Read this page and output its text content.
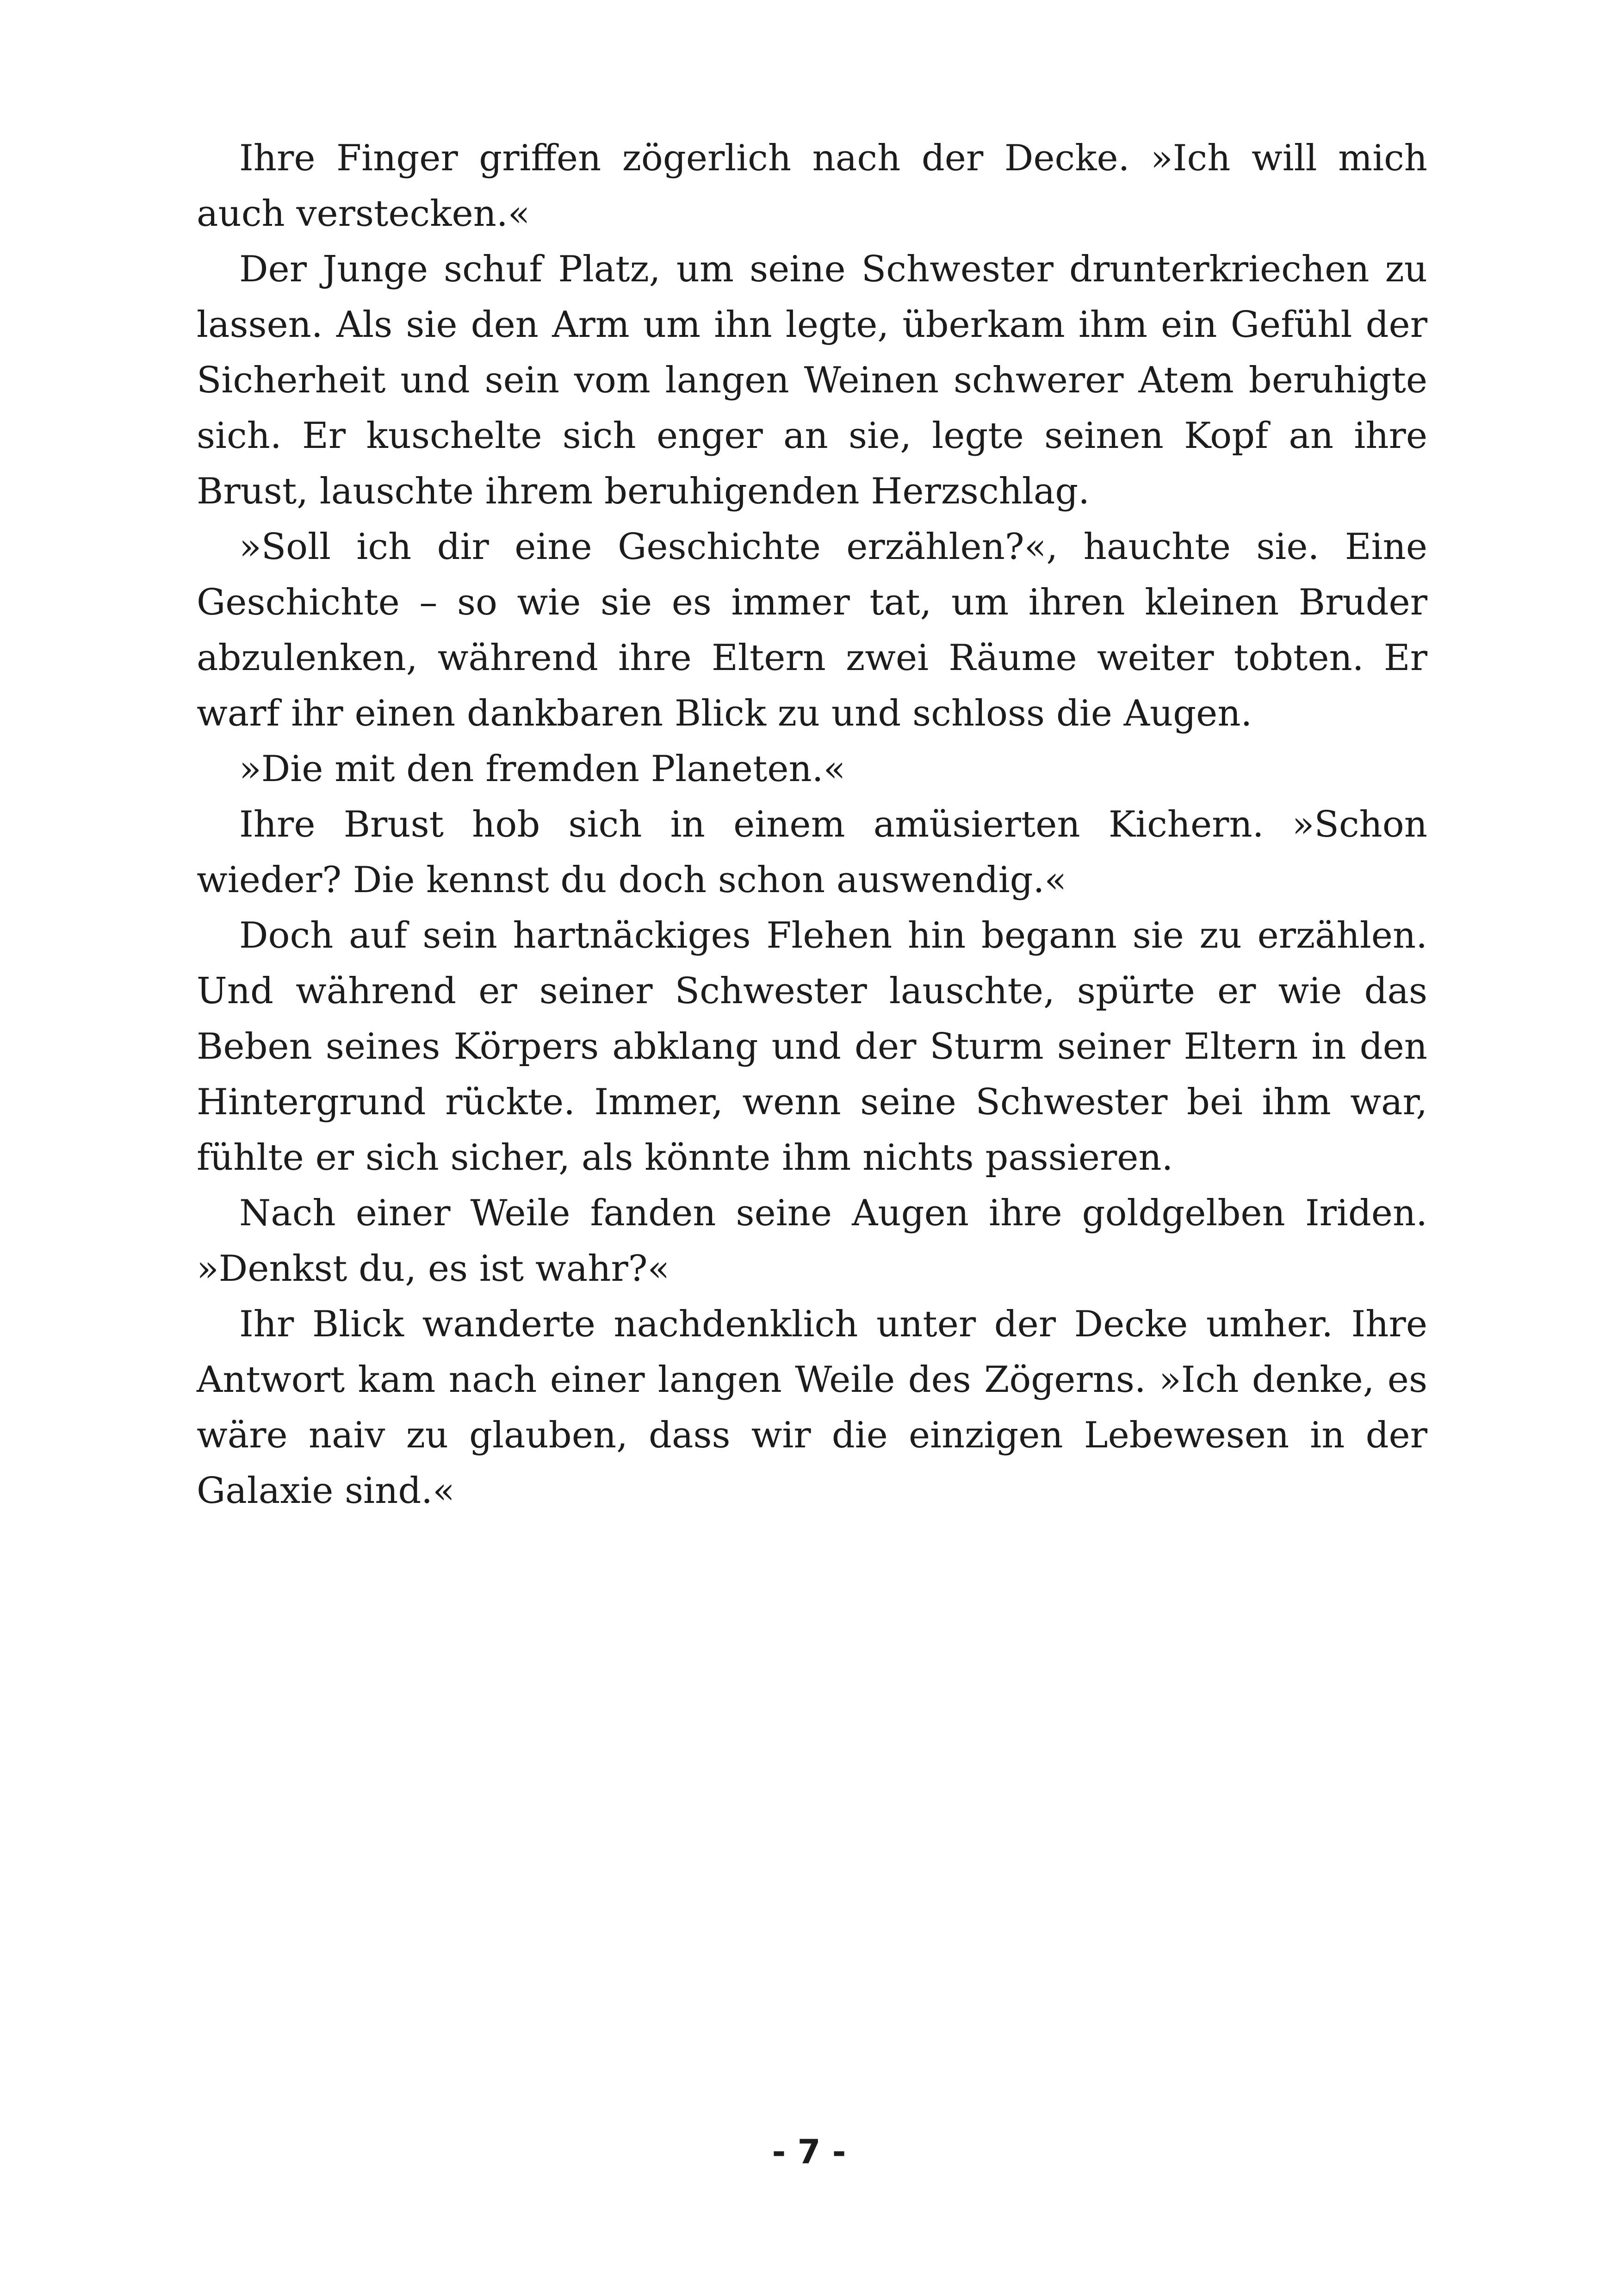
Ihre Finger griffen zögerlich nach der Decke. »Ich will mich auch verstecken.«

Der Junge schuf Platz, um seine Schwester drunterkriechen zu lassen. Als sie den Arm um ihn legte, überkam ihm ein Gefühl der Sicherheit und sein vom langen Weinen schwerer Atem beruhigte sich. Er kuschelte sich enger an sie, legte seinen Kopf an ihre Brust, lauschte ihrem beruhigenden Herzschlag.

»Soll ich dir eine Geschichte erzählen?«, hauchte sie. Eine Geschichte – so wie sie es immer tat, um ihren kleinen Bruder abzulenken, während ihre Eltern zwei Räume weiter tobten. Er warf ihr einen dankbaren Blick zu und schloss die Augen.

»Die mit den fremden Planeten.«

Ihre Brust hob sich in einem amüsierten Kichern. »Schon wieder? Die kennst du doch schon auswendig.«

Doch auf sein hartnäckiges Flehen hin begann sie zu erzählen. Und während er seiner Schwester lauschte, spürte er wie das Beben seines Körpers abklang und der Sturm seiner Eltern in den Hintergrund rückte. Immer, wenn seine Schwester bei ihm war, fühlte er sich sicher, als könnte ihm nichts passieren.

Nach einer Weile fanden seine Augen ihre goldgelben Iriden. »Denkst du, es ist wahr?«

Ihr Blick wanderte nachdenklich unter der Decke umher. Ihre Antwort kam nach einer langen Weile des Zögerns. »Ich denke, es wäre naiv zu glauben, dass wir die einzigen Lebewesen in der Galaxie sind.«

- 7 -
